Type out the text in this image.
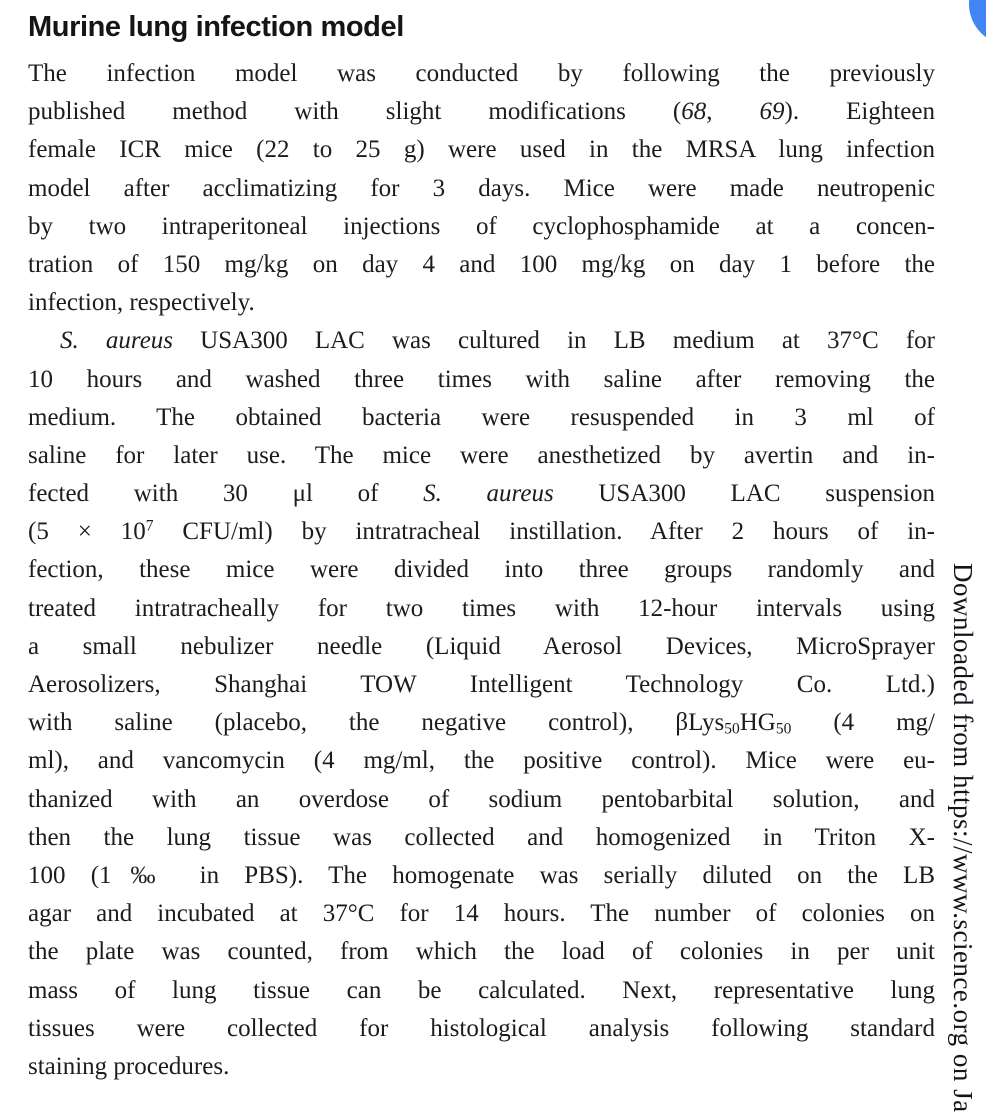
Murine lung infection model
The infection model was conducted by following the previously
published method with slight modifications (68, 69). Eighteen
female ICR mice (22 to 25 g) were used in the MRSA lung infection
model after acclimatizing for 3 days. Mice were made neutropenic
by two intraperitoneal injections of cyclophosphamide at a concen-
tration of 150 mg/kg on day 4 and 100 mg/kg on day 1 before the
infection, respectively.
S. aureus USA300 LAC was cultured in LB medium at 37°C for
10 hours and washed three times with saline after removing the
medium. The obtained bacteria were resuspended in 3 ml of
saline for later use. The mice were anesthetized by avertin and in-
fected with 30 μl of S. aureus USA300 LAC suspension
($5 \times 10^7$ CFU/ml) by intratracheal instillation. After 2 hours of in-
fection, these mice were divided into three groups randomly and
treated intratracheally for two times with 12-hour intervals using
a small nebulizer needle (Liquid Aerosol Devices, MicroSprayer
Aerosolizers, Shanghai TOW Intelligent Technology Co. Ltd.)
with saline (placebo, the negative control), $\beta Lys_{50}HG_{50}$ (4 mg/
ml), and vancomycin (4 mg/ml, the positive control). Mice were eu-
thanized with an overdose of sodium pentobarbital solution, and
then the lung tissue was collected and homogenized in Triton X-
100 (1‰ in PBS). The homogenate was serially diluted on the LB
agar and incubated at 37°C for 14 hours. The number of colonies on
the plate was counted, from which the load of colonies in per unit
mass of lung tissue can be calculated. Next, representative lung
tissues were collected for histological analysis following standard
staining procedures.	Downloaded from https://www.science.org on Ja
